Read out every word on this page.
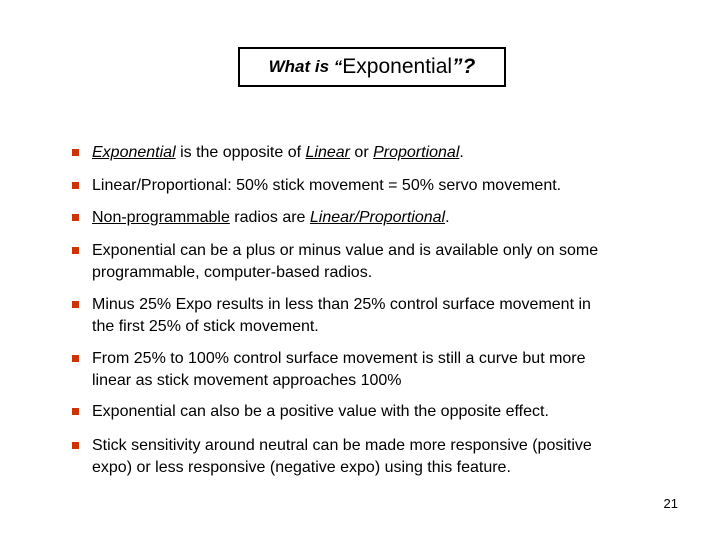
What is “ Exponential ”?
Exponential is the opposite of Linear or Proportional.
Linear/Proportional: 50% stick movement = 50% servo movement.
Non-programmable radios are Linear/Proportional.
Exponential can be a plus or minus value and is available only on some
programmable, computer-based radios.
Minus 25% Expo results in less than 25% control surface movement in
the first 25% of stick movement.
From 25% to 100% control surface movement is still a curve but more
linear as stick movement approaches 100%
Exponential can also be a positive value with the opposite effect.
Stick sensitivity around neutral can be made more responsive (positive
expo) or less responsive (negative expo) using this feature.
21
